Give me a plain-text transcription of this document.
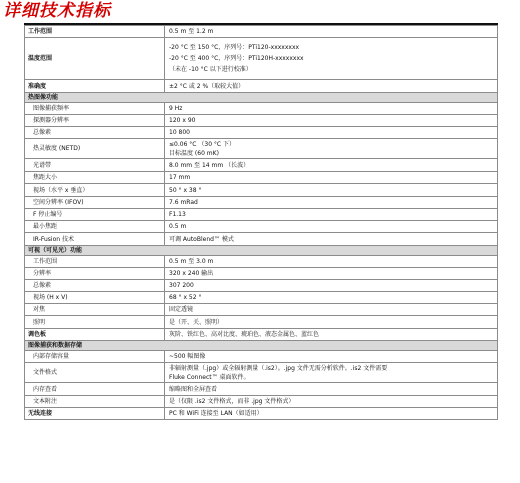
详细技术指标
工作范围	0.5 m 至 1.2 m

温度范围	-20 °C 至 150 °C，序列号：PTi120-xxxxxxxx
-20 °C 至 400 °C，序列号：PTi120H-xxxxxxxx
（未在 -10 °C 以下进行校准）

准确度	±2 °C 或 2 %（取较大值）

热图像功能	
图像捕获频率	9 Hz

探测器分辨率	120 x 90

总像素	10 800

热灵敏度 (NETD)	≤0.06 °C （30 °C 下）
目标温度 (60 mK)

光谱带	8.0 mm 至 14 mm （长波）

焦距大小	17 mm

视场（水平 x 垂直）	50 ° x 38 °

空间分辨率 (IFOV)	7.6 mRad

F 停止编号	F1.13

最小焦距	0.5 m

IR-Fusion 技术	可调 AutoBlend™ 模式

可视（可见光）功能	
工作范围	0.5 m 至 3.0 m

分辨率	320 x 240 输出

总像素	307 200

视场 (H x V)	68 ° x 52 °

对焦	固定透镜

照明	是（开、关、照明）

调色板	灰阶、铁红色、高对比度、琥珀色、液态金属色、蓝红色

图像捕获和数据存储	
内部存储容量	~500 幅图像

文件格式	非辐射测量（.jpg）或全辐射测量（.is2）。.jpg 文件无需分析软件。.is2 文件需要
Fluke Connect™ 桌面软件。

内存查看	缩略图和全屏查看

文本附注	是（仅限 .is2 文件格式，而非 .jpg 文件格式）

无线连接	PC 和 WiFi 连接至 LAN（如适用）
